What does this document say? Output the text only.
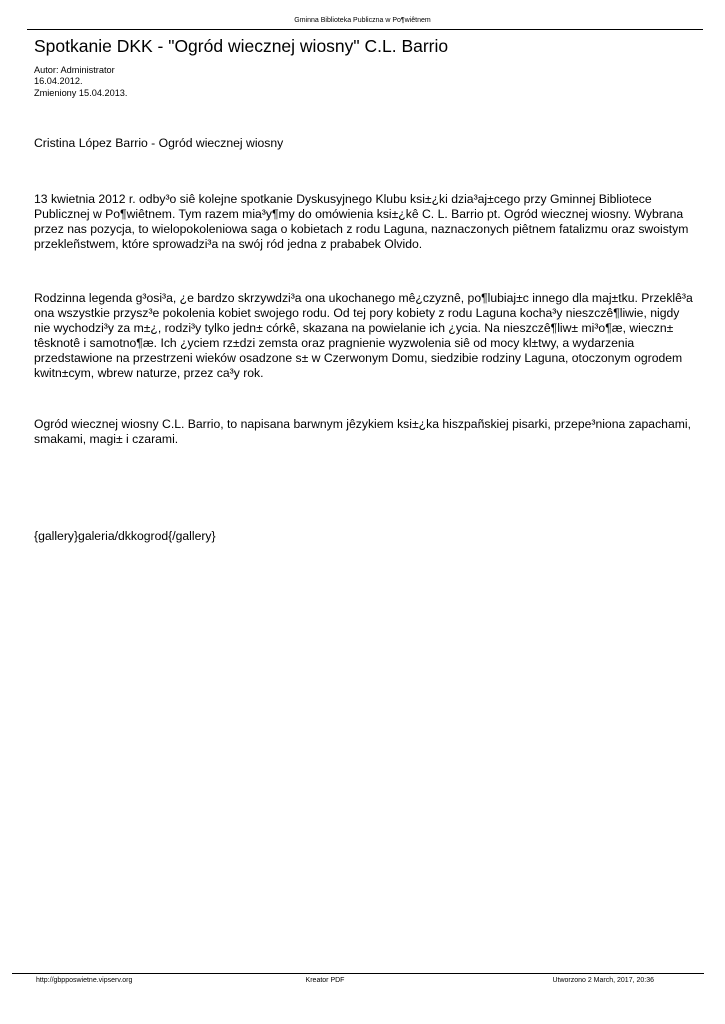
Gminna Biblioteka Publiczna w Po¶wiêtnem
Spotkanie DKK - "Ogród wiecznej wiosny" C.L. Barrio
Autor: Administrator
16.04.2012.
Zmieniony 15.04.2013.

Cristina López Barrio - Ogród wiecznej wiosny

13 kwietnia 2012 r. odby³o siê kolejne spotkanie Dyskusyjnego Klubu ksi±¿ki dzia³aj±cego przy Gminnej Bibliotece Publicznej w Po¶wiêtnem. Tym razem mia³y¶my do omówienia ksi±¿kê C. L. Barrio pt. Ogród wiecznej wiosny. Wybrana przez nas pozycja, to wielopokoleniowa saga o kobietach z rodu Laguna, naznaczonych piêtnem fatalizmu oraz swoistym przekleñstwem, które sprowadzi³a na swój ród jedna z prababek Olvido.

Rodzinna legenda g³osi³a, ¿e bardzo skrzywdzi³a ona ukochanego mê¿czyznê, po¶lubiaj±c innego dla maj±tku. Przeklê³a ona wszystkie przysz³e pokolenia kobiet swojego rodu. Od tej pory kobiety z rodu Laguna kocha³y nieszczê¶liwie, nigdy nie wychodzi³y za m±¿, rodzi³y tylko jedn± córkê, skazana na powielanie ich ¿ycia. Na nieszczê¶liw± mi³o¶æ, wieczn± têsknotê i samotno¶æ. Ich ¿yciem rz±dzi zemsta oraz pragnienie wyzwolenia siê od mocy kl±twy, a wydarzenia przedstawione na przestrzeni wieków osadzone s± w Czerwonym Domu, siedzibie rodziny Laguna, otoczonym ogrodem kwitn±cym, wbrew naturze, przez ca³y rok.

Ogród wiecznej wiosny C.L. Barrio, to napisana barwnym jêzykiem ksi±¿ka hiszpañskiej pisarki, przepe³niona zapachami, smakami, magi± i czarami.

{gallery}galeria/dkkogrod{/gallery}

http://gbpposwietne.vipserv.org	Kreator PDF	Utworzono 2 March, 2017, 20:36
